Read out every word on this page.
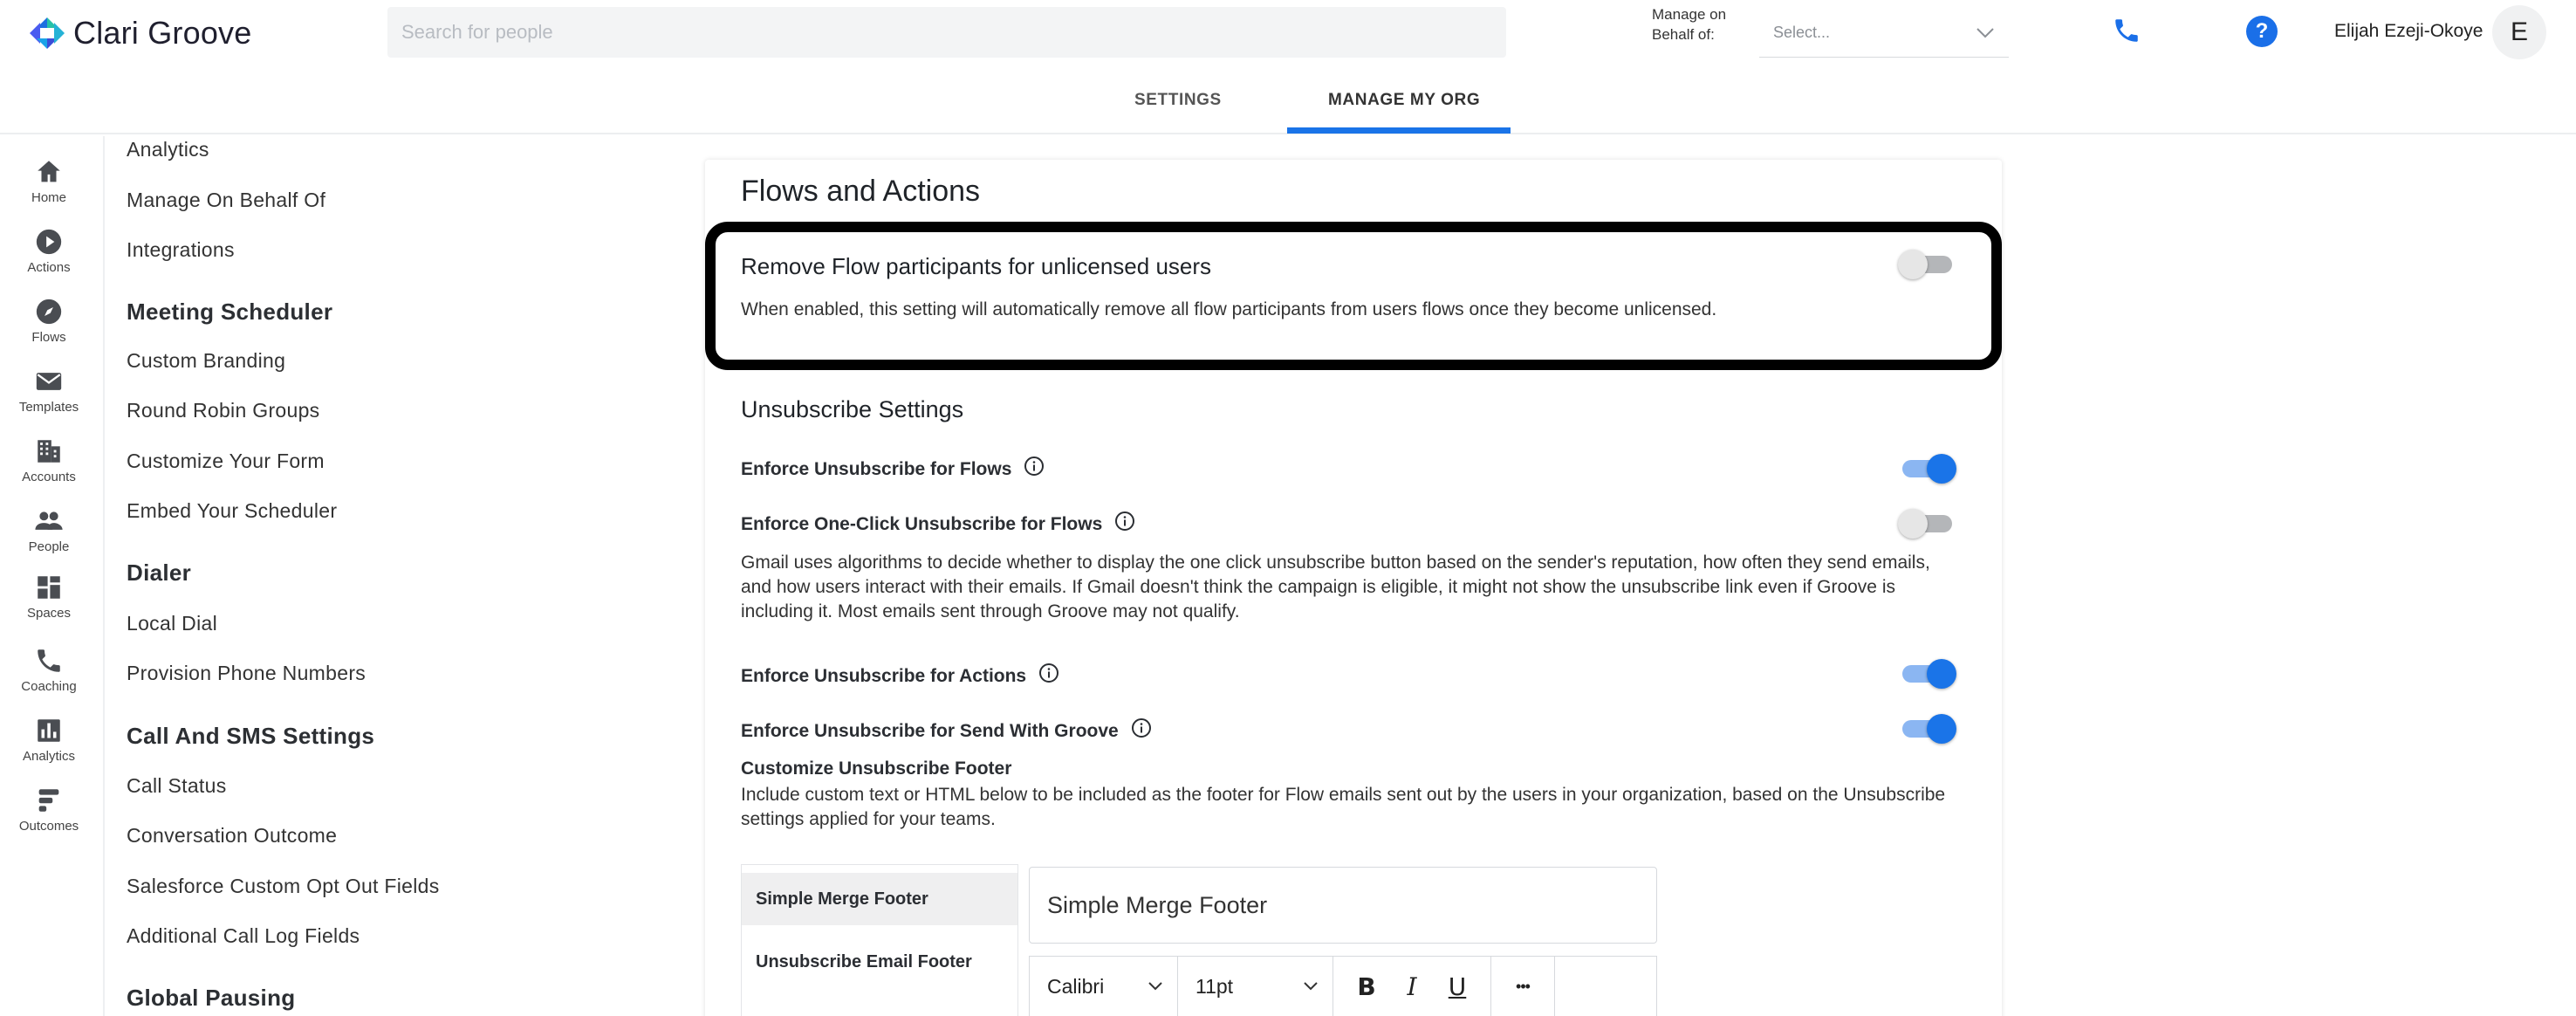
Clari Groove
Search for people
Manage on
Behalf of:	Select...	?	Elijah Ezeji-Okoye	E
SETTINGS	MANAGE MY ORG
Home
Actions
Flows
Templates
Accounts
People
Spaces
Coaching
Analytics
Outcomes
Analytics
Manage On Behalf Of
Integrations
Meeting Scheduler
Custom Branding
Round Robin Groups
Customize Your Form
Embed Your Scheduler
Dialer
Local Dial
Provision Phone Numbers
Call And SMS Settings
Call Status
Conversation Outcome
Salesforce Custom Opt Out Fields
Additional Call Log Fields
Global Pausing
Flows and Actions
Remove Flow participants for unlicensed users
When enabled, this setting will automatically remove all flow participants from users flows once they become unlicensed.
Unsubscribe Settings
Enforce Unsubscribe for Flows
Enforce One-Click Unsubscribe for Flows
Gmail uses algorithms to decide whether to display the one click unsubscribe button based on the sender's reputation, how often they send emails, and how users interact with their emails. If Gmail doesn't think the campaign is eligible, it might not show the unsubscribe link even if Groove is including it. Most emails sent through Groove may not qualify.
Enforce Unsubscribe for Actions
Enforce Unsubscribe for Send With Groove
Customize Unsubscribe Footer
Include custom text or HTML below to be included as the footer for Flow emails sent out by the users in your organization, based on the Unsubscribe settings applied for your teams.
Simple Merge Footer
Unsubscribe Email Footer
Simple Merge Footer
Calibri	11pt	B	I	U	•••
